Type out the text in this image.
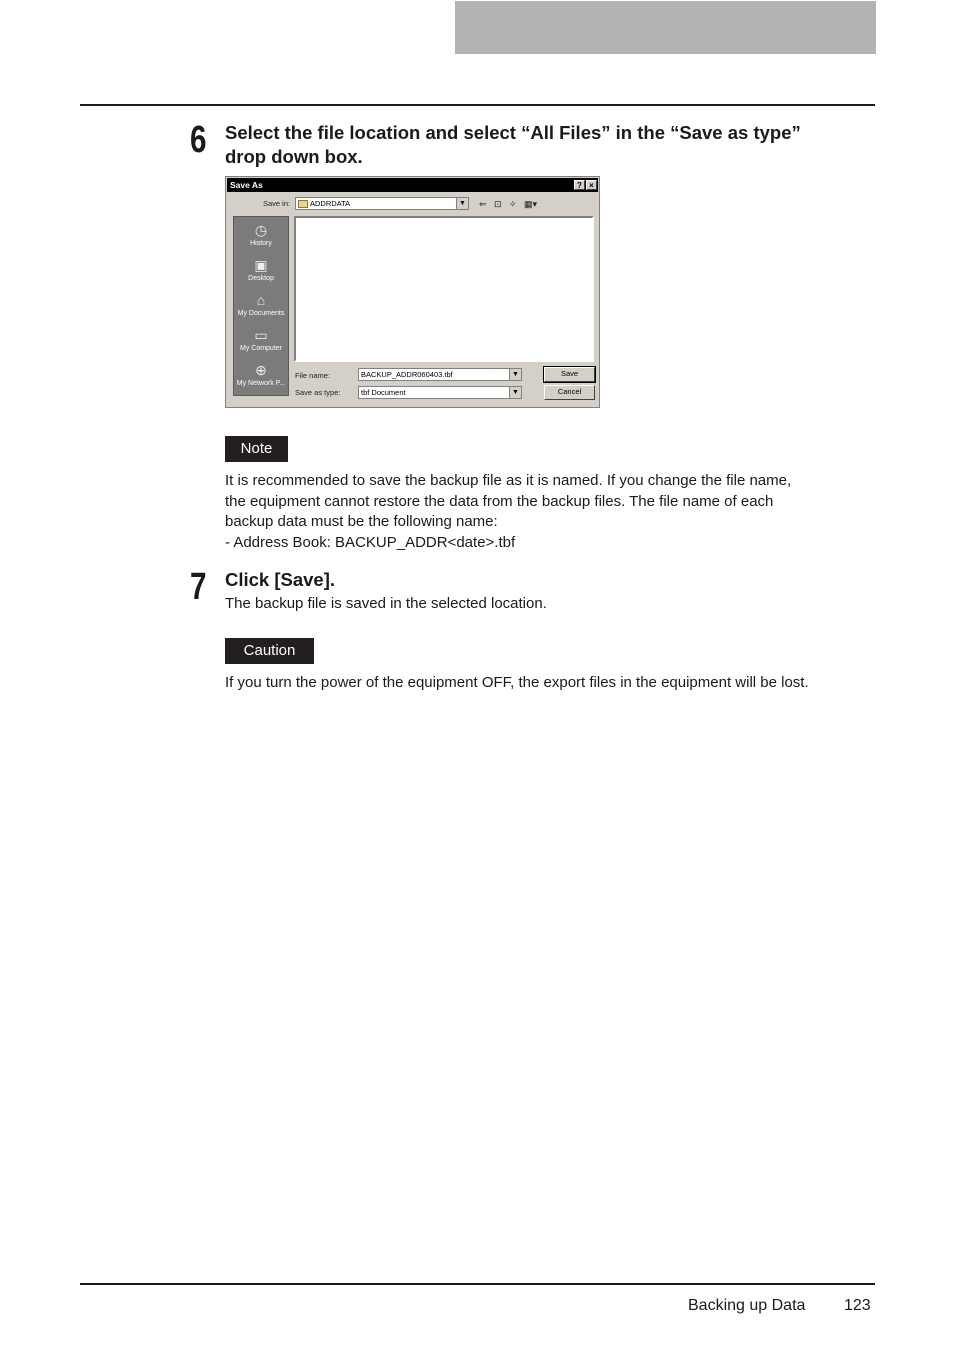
6 Select the file location and select “All Files” in the “Save as type”
drop down box.
Save As	? ×
Save in:	ADDRDATA	▼ ⇐ ⊡ ✧ ▦▾
◷
History
▣
Desktop
⌂
My Documents
▭
My Computer
⊕
My Network P...
File name:	BACKUP_ADDR060403.tbf	▼
Save as type:	tbf Document	▼
Save
Cancel
Note
It is recommended to save the backup file as it is named. If you change the file name,
the equipment cannot restore the data from the backup files. The file name of each
backup data must be the following name:
- Address Book: BACKUP_ADDR<date>.tbf
7 Click [Save].
The backup file is saved in the selected location.
Caution
If you turn the power of the equipment OFF, the export files in the equipment will be lost.
Backing up Data 123
